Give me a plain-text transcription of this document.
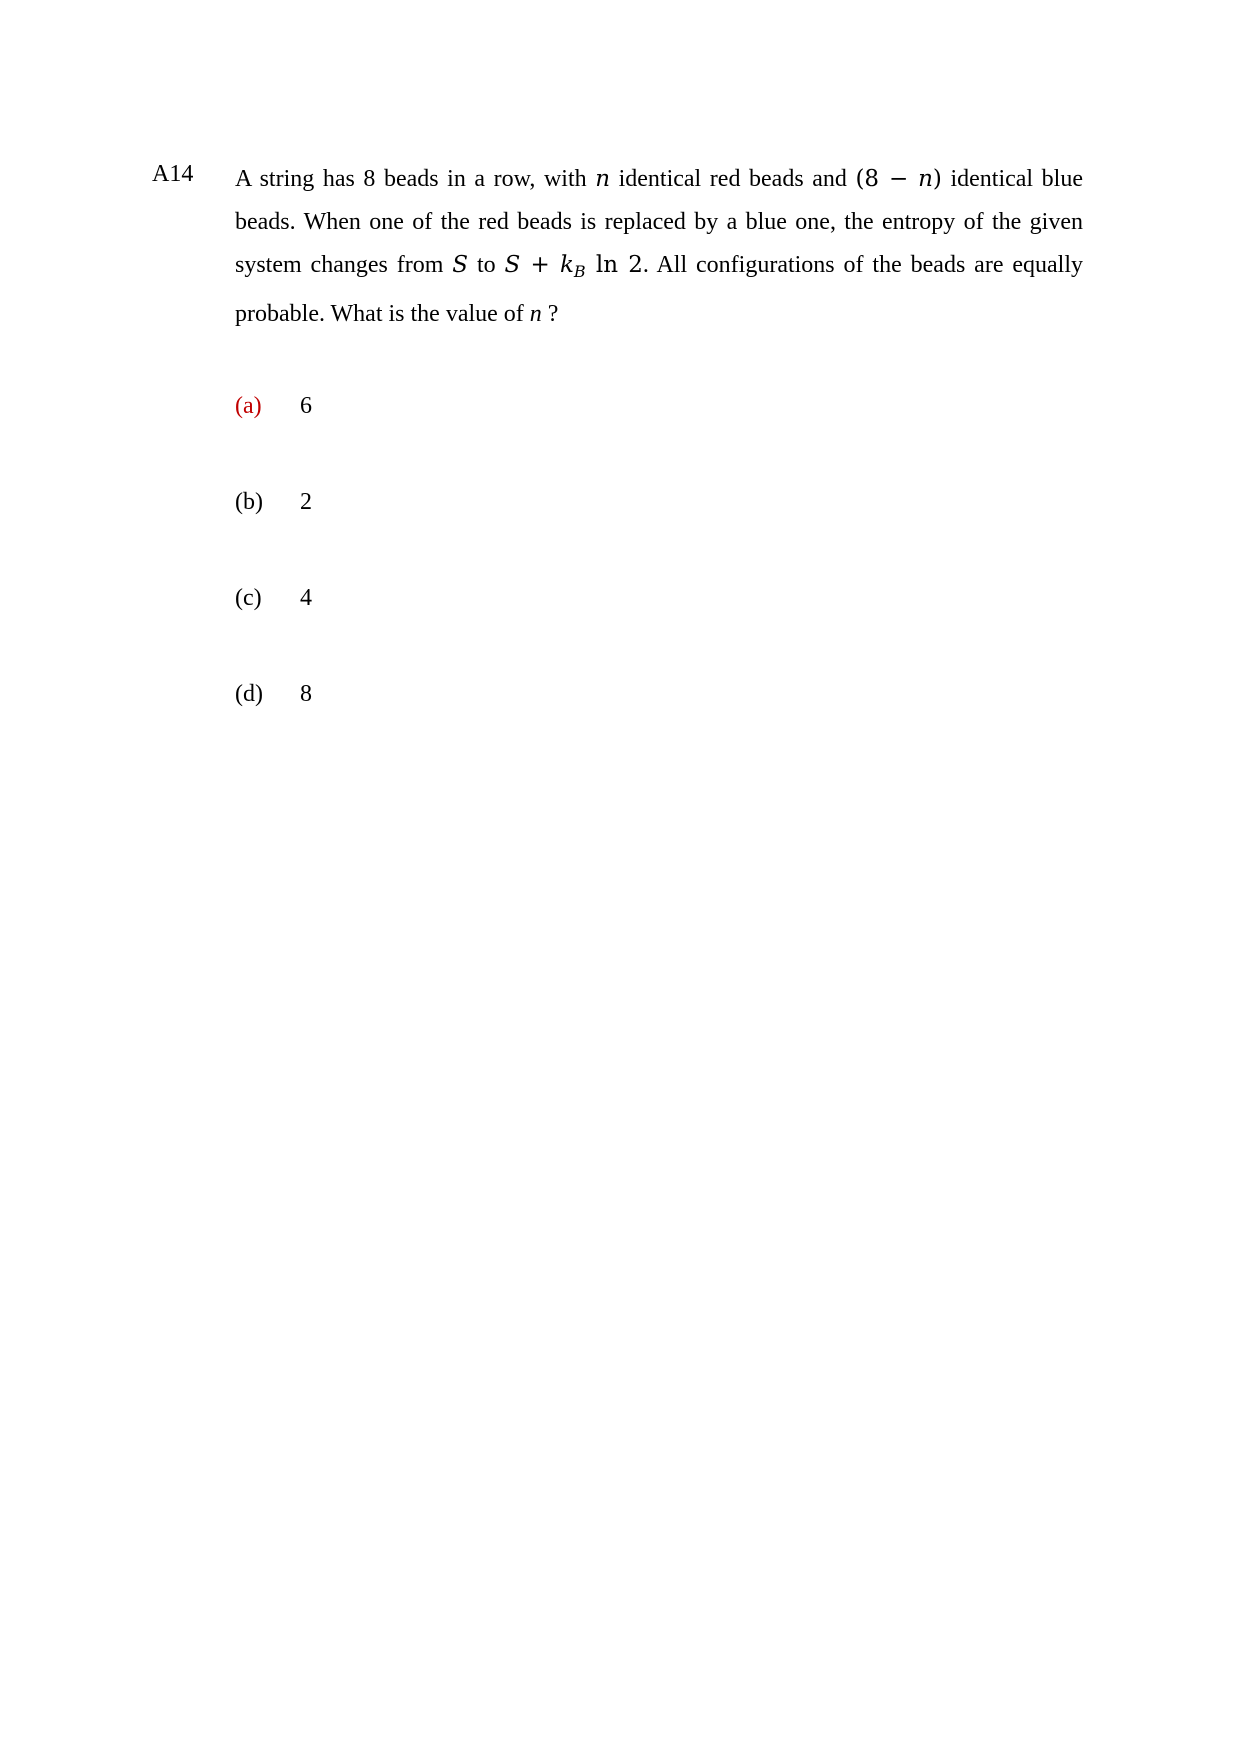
A14 A string has 8 beads in a row, with n identical red beads and (8 − n) identical blue beads. When one of the red beads is replaced by a blue one, the entropy of the given system changes from S to $S + k_B$ ln 2. All configurations of the beads are equally probable. What is the value of n ?

(a) 6
(b) 2
(c) 4
(d) 8
